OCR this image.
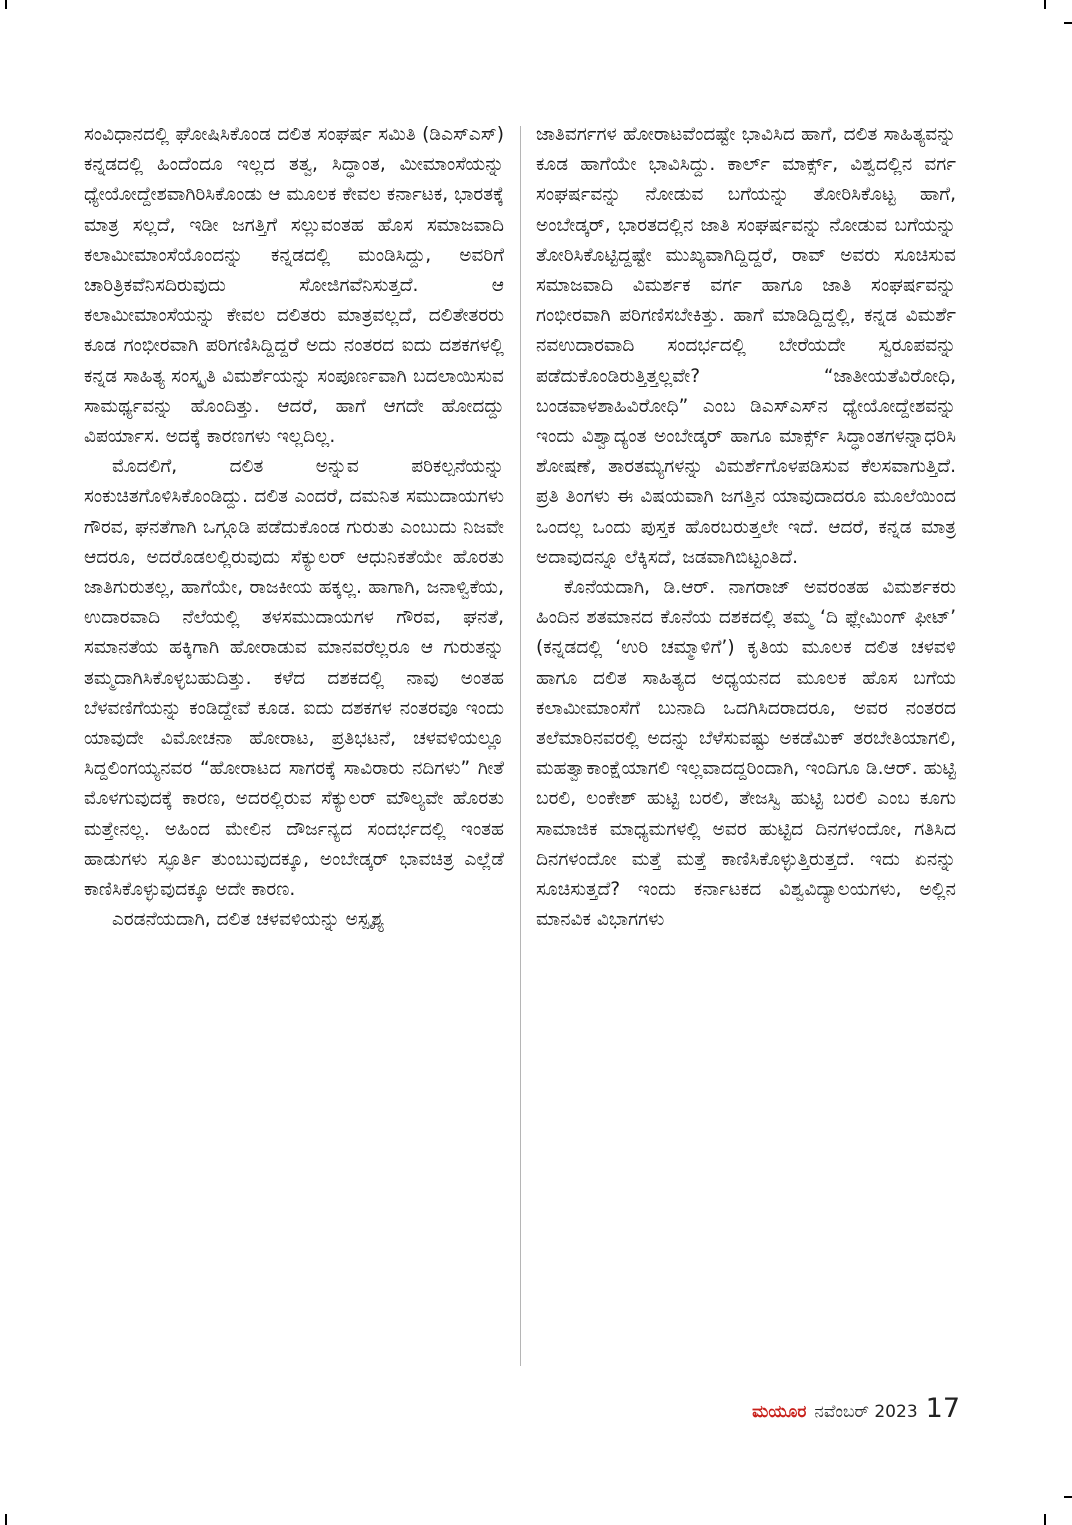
ಸಂವಿಧಾನದಲ್ಲಿ ಘೋಷಿಸಿಕೊಂಡ ದಲಿತ ಸಂಘರ್ಷ ಸಮಿತಿ (ಡಿಎಸ್ಎಸ್) ಕನ್ನಡದಲ್ಲಿ ಹಿಂದೆಂದೂ ಇಲ್ಲದ ತತ್ವ, ಸಿದ್ಧಾಂತ, ಮೀಮಾಂಸೆಯನ್ನು ಧ್ಯೇಯೋದ್ದೇಶವಾಗಿರಿಸಿಕೊಂಡು ಆ ಮೂಲಕ ಕೇವಲ ಕರ್ನಾಟಕ, ಭಾರತಕ್ಕೆ ಮಾತ್ರ ಸಲ್ಲದೆ, ಇಡೀ ಜಗತ್ತಿಗೆ ಸಲ್ಲುವಂತಹ ಹೊಸ ಸಮಾಜವಾದಿ ಕಲಾಮೀಮಾಂಸೆಯೊಂದನ್ನು ಕನ್ನಡದಲ್ಲಿ ಮಂಡಿಸಿದ್ದು, ಅವರಿಗೆ ಚಾರಿತ್ರಿಕವೆನಿಸದಿರುವುದು ಸೋಜಿಗವೆನಿಸುತ್ತದೆ. ಆ ಕಲಾಮೀಮಾಂಸೆಯನ್ನು ಕೇವಲ ದಲಿತರು ಮಾತ್ರವಲ್ಲದೆ, ದಲಿತೇತರರು ಕೂಡ ಗಂಭೀರವಾಗಿ ಪರಿಗಣಿಸಿದ್ದಿದ್ದರೆ ಅದು ನಂತರದ ಐದು ದಶಕಗಳಲ್ಲಿ ಕನ್ನಡ ಸಾಹಿತ್ಯ ಸಂಸ್ಕೃತಿ ವಿಮರ್ಶೆಯನ್ನು ಸಂಪೂರ್ಣವಾಗಿ ಬದಲಾಯಿಸುವ ಸಾಮರ್ಥ್ಯವನ್ನು ಹೊಂದಿತ್ತು. ಆದರೆ, ಹಾಗೆ ಆಗದೇ ಹೋದದ್ದು ವಿಪರ್ಯಾಸ. ಅದಕ್ಕೆ ಕಾರಣಗಳು ಇಲ್ಲದಿಲ್ಲ.

ಮೊದಲಿಗೆ, ದಲಿತ ಅನ್ನುವ ಪರಿಕಲ್ಪನೆಯನ್ನು ಸಂಕುಚಿತಗೊಳಿಸಿಕೊಂಡಿದ್ದು. ದಲಿತ ಎಂದರೆ, ದಮನಿತ ಸಮುದಾಯಗಳು ಗೌರವ, ಘನತೆಗಾಗಿ ಒಗ್ಗೂಡಿ ಪಡೆದುಕೊಂಡ ಗುರುತು ಎಂಬುದು ನಿಜವೇ ಆದರೂ, ಅದರೊಡಲಲ್ಲಿರುವುದು ಸೆಕ್ಯುಲರ್ ಆಧುನಿಕತೆಯೇ ಹೊರತು ಜಾತಿಗುರುತಲ್ಲ, ಹಾಗೆಯೇ, ರಾಜಕೀಯ ಹಕ್ಕಲ್ಲ. ಹಾಗಾಗಿ, ಜನಾಳ್ವಿಕೆಯ, ಉದಾರವಾದಿ ನೆಲೆಯಲ್ಲಿ ತಳಸಮುದಾಯಗಳ ಗೌರವ, ಘನತೆ, ಸಮಾನತೆಯ ಹಕ್ಕಿಗಾಗಿ ಹೋರಾಡುವ ಮಾನವರೆಲ್ಲರೂ ಆ ಗುರುತನ್ನು ತಮ್ಮದಾಗಿಸಿಕೊಳ್ಳಬಹುದಿತ್ತು. ಕಳೆದ ದಶಕದಲ್ಲಿ ನಾವು ಅಂತಹ ಬೆಳವಣಿಗೆಯನ್ನು ಕಂಡಿದ್ದೇವೆ ಕೂಡ. ಐದು ದಶಕಗಳ ನಂತರವೂ ಇಂದು ಯಾವುದೇ ವಿಮೋಚನಾ ಹೋರಾಟ, ಪ್ರತಿಭಟನೆ, ಚಳವಳಿಯಲ್ಲೂ ಸಿದ್ದಲಿಂಗಯ್ಯನವರ “ಹೋರಾಟದ ಸಾಗರಕ್ಕೆ ಸಾವಿರಾರು ನದಿಗಳು” ಗೀತೆ ಮೊಳಗುವುದಕ್ಕೆ ಕಾರಣ, ಅದರಲ್ಲಿರುವ ಸೆಕ್ಯುಲರ್ ಮೌಲ್ಯವೇ ಹೊರತು ಮತ್ತೇನಲ್ಲ. ಅಹಿಂದ ಮೇಲಿನ ದೌರ್ಜನ್ಯದ ಸಂದರ್ಭದಲ್ಲಿ ಇಂತಹ ಹಾಡುಗಳು ಸ್ಫೂರ್ತಿ ತುಂಬುವುದಕ್ಕೂ, ಅಂಬೇಡ್ಕರ್ ಭಾವಚಿತ್ರ ಎಲ್ಲೆಡೆ ಕಾಣಿಸಿಕೊಳ್ಳುವುದಕ್ಕೂ ಅದೇ ಕಾರಣ.

ಎರಡನೆಯದಾಗಿ, ದಲಿತ ಚಳವಳಿಯನ್ನು ಅಸ್ಪೃಶ್ಯ

ಜಾತಿವರ್ಗಗಳ ಹೋರಾಟವೆಂದಷ್ಟೇ ಭಾವಿಸಿದ ಹಾಗೆ, ದಲಿತ ಸಾಹಿತ್ಯವನ್ನು ಕೂಡ ಹಾಗೆಯೇ ಭಾವಿಸಿದ್ದು. ಕಾರ್ಲ್ ಮಾರ್ಕ್ಸ್, ವಿಶ್ವದಲ್ಲಿನ ವರ್ಗ ಸಂಘರ್ಷವನ್ನು ನೋಡುವ ಬಗೆಯನ್ನು ತೋರಿಸಿಕೊಟ್ಟ ಹಾಗೆ, ಅಂಬೇಡ್ಕರ್, ಭಾರತದಲ್ಲಿನ ಜಾತಿ ಸಂಘರ್ಷವನ್ನು ನೋಡುವ ಬಗೆಯನ್ನು ತೋರಿಸಿಕೊಟ್ಟಿದ್ದಷ್ಟೇ ಮುಖ್ಯವಾಗಿದ್ದಿದ್ದರೆ, ರಾವ್ ಅವರು ಸೂಚಿಸುವ ಸಮಾಜವಾದಿ ವಿಮರ್ಶಕ ವರ್ಗ ಹಾಗೂ ಜಾತಿ ಸಂಘರ್ಷವನ್ನು ಗಂಭೀರವಾಗಿ ಪರಿಗಣಿಸಬೇಕಿತ್ತು. ಹಾಗೆ ಮಾಡಿದ್ದಿದ್ದಲ್ಲಿ, ಕನ್ನಡ ವಿಮರ್ಶೆ ನವಉದಾರವಾದಿ ಸಂದರ್ಭದಲ್ಲಿ ಬೇರೆಯದೇ ಸ್ವರೂಪವನ್ನು ಪಡೆದುಕೊಂಡಿರುತ್ತಿತ್ತಲ್ಲವೇ? “ಜಾತೀಯತೆವಿರೋಧಿ, ಬಂಡವಾಳಶಾಹಿವಿರೋಧಿ” ಎಂಬ ಡಿಎಸ್ಎಸ್‌ನ ಧ್ಯೇಯೋದ್ದೇಶವನ್ನು ಇಂದು ವಿಶ್ವಾದ್ಯಂತ ಅಂಬೇಡ್ಕರ್ ಹಾಗೂ ಮಾರ್ಕ್ಸ್ ಸಿದ್ಧಾಂತಗಳನ್ನಾಧರಿಸಿ ಶೋಷಣೆ, ತಾರತಮ್ಯಗಳನ್ನು ವಿಮರ್ಶೆಗೊಳಪಡಿಸುವ ಕೆಲಸವಾಗುತ್ತಿದೆ. ಪ್ರತಿ ತಿಂಗಳು ಈ ವಿಷಯವಾಗಿ ಜಗತ್ತಿನ ಯಾವುದಾದರೂ ಮೂಲೆಯಿಂದ ಒಂದಲ್ಲ ಒಂದು ಪುಸ್ತಕ ಹೊರಬರುತ್ತಲೇ ಇದೆ. ಆದರೆ, ಕನ್ನಡ ಮಾತ್ರ ಅದಾವುದನ್ನೂ ಲೆಕ್ಕಿಸದೆ, ಜಡವಾಗಿಬಿಟ್ಟಂತಿದೆ.

ಕೊನೆಯದಾಗಿ, ಡಿ.ಆರ್. ನಾಗರಾಜ್ ಅವರಂತಹ ವಿಮರ್ಶಕರು ಹಿಂದಿನ ಶತಮಾನದ ಕೊನೆಯ ದಶಕದಲ್ಲಿ ತಮ್ಮ ‘ದಿ ಫ್ಲೇಮಿಂಗ್ ಫೀಟ್’ (ಕನ್ನಡದಲ್ಲಿ ‘ಉರಿ ಚಮ್ಮಾಳಿಗೆ’) ಕೃತಿಯ ಮೂಲಕ ದಲಿತ ಚಳವಳಿ ಹಾಗೂ ದಲಿತ ಸಾಹಿತ್ಯದ ಅಧ್ಯಯನದ ಮೂಲಕ ಹೊಸ ಬಗೆಯ ಕಲಾಮೀಮಾಂಸೆಗೆ ಬುನಾದಿ ಒದಗಿಸಿದರಾದರೂ, ಅವರ ನಂತರದ ತಲೆಮಾರಿನವರಲ್ಲಿ ಅದನ್ನು ಬೆಳೆಸುವಷ್ಟು ಅಕಡೆಮಿಕ್ ತರಬೇತಿಯಾಗಲಿ, ಮಹತ್ವಾಕಾಂಕ್ಷೆಯಾಗಲಿ ಇಲ್ಲವಾದದ್ದರಿಂದಾಗಿ, ಇಂದಿಗೂ ಡಿ.ಆರ್. ಹುಟ್ಟಿ ಬರಲಿ, ಲಂಕೇಶ್ ಹುಟ್ಟಿ ಬರಲಿ, ತೇಜಸ್ವಿ ಹುಟ್ಟಿ ಬರಲಿ ಎಂಬ ಕೂಗು ಸಾಮಾಜಿಕ ಮಾಧ್ಯಮಗಳಲ್ಲಿ ಅವರ ಹುಟ್ಟಿದ ದಿನಗಳಂದೋ, ಗತಿಸಿದ ದಿನಗಳಂದೋ ಮತ್ತೆ ಮತ್ತೆ ಕಾಣಿಸಿಕೊಳ್ಳುತ್ತಿರುತ್ತದೆ. ಇದು ಏನನ್ನು ಸೂಚಿಸುತ್ತದೆ? ಇಂದು ಕರ್ನಾಟಕದ ವಿಶ್ವವಿದ್ಯಾಲಯಗಳು, ಅಲ್ಲಿನ ಮಾನವಿಕ ವಿಭಾಗಗಳು

ಮಯೂರ ನವೆಂಬರ್ 2023 17
